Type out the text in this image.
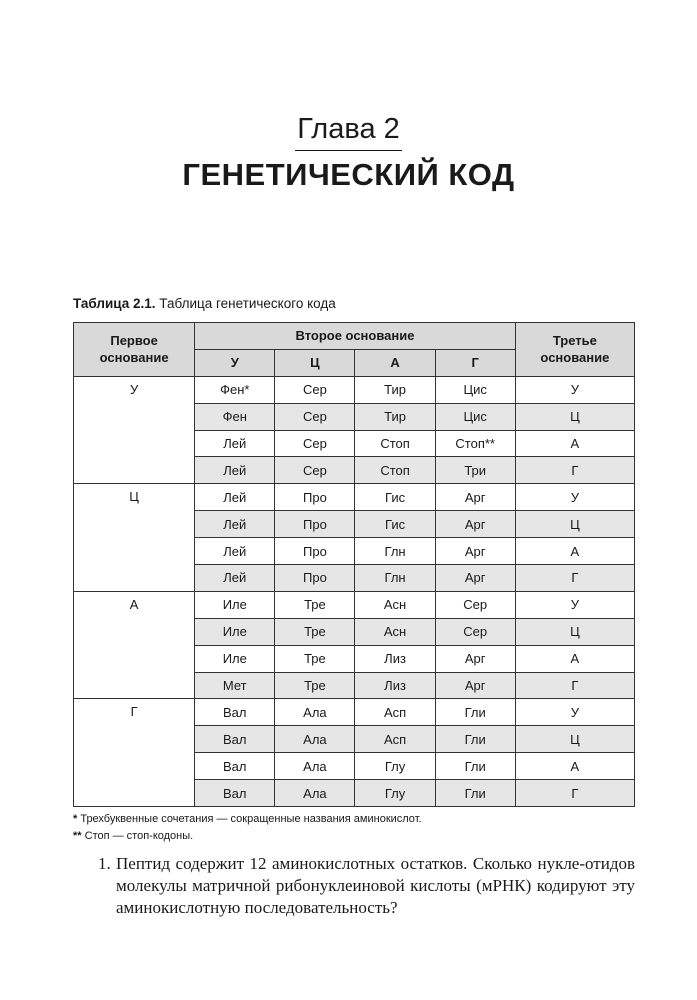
Глава 2
ГЕНЕТИЧЕСКИЙ КОД
Таблица 2.1. Таблица генетического кода
Первое основание	Второе основание				Третье основание
	У	Ц	А	Г	
У	Фен*	Сер	Тир	Цис	У
	Фен	Сер	Тир	Цис	Ц
	Лей	Сер	Стоп	Стоп**	А
	Лей	Сер	Стоп	Три	Г
Ц	Лей	Про	Гис	Арг	У
	Лей	Про	Гис	Арг	Ц
	Лей	Про	Глн	Арг	А
	Лей	Про	Глн	Арг	Г
А	Иле	Тре	Асн	Сер	У
	Иле	Тре	Асн	Сер	Ц
	Иле	Тре	Лиз	Арг	А
	Мет	Тре	Лиз	Арг	Г
Г	Вал	Ала	Асп	Гли	У
	Вал	Ала	Асп	Гли	Ц
	Вал	Ала	Глу	Гли	А
	Вал	Ала	Глу	Гли	Г
* Трехбуквенные сочетания — сокращенные названия аминокислот.
** Стоп — стоп-кодоны.
1. Пептид содержит 12 аминокислотных остатков. Сколько нукле-отидов молекулы матричной рибонуклеиновой кислоты (мРНК) кодируют эту аминокислотную последовательность?
